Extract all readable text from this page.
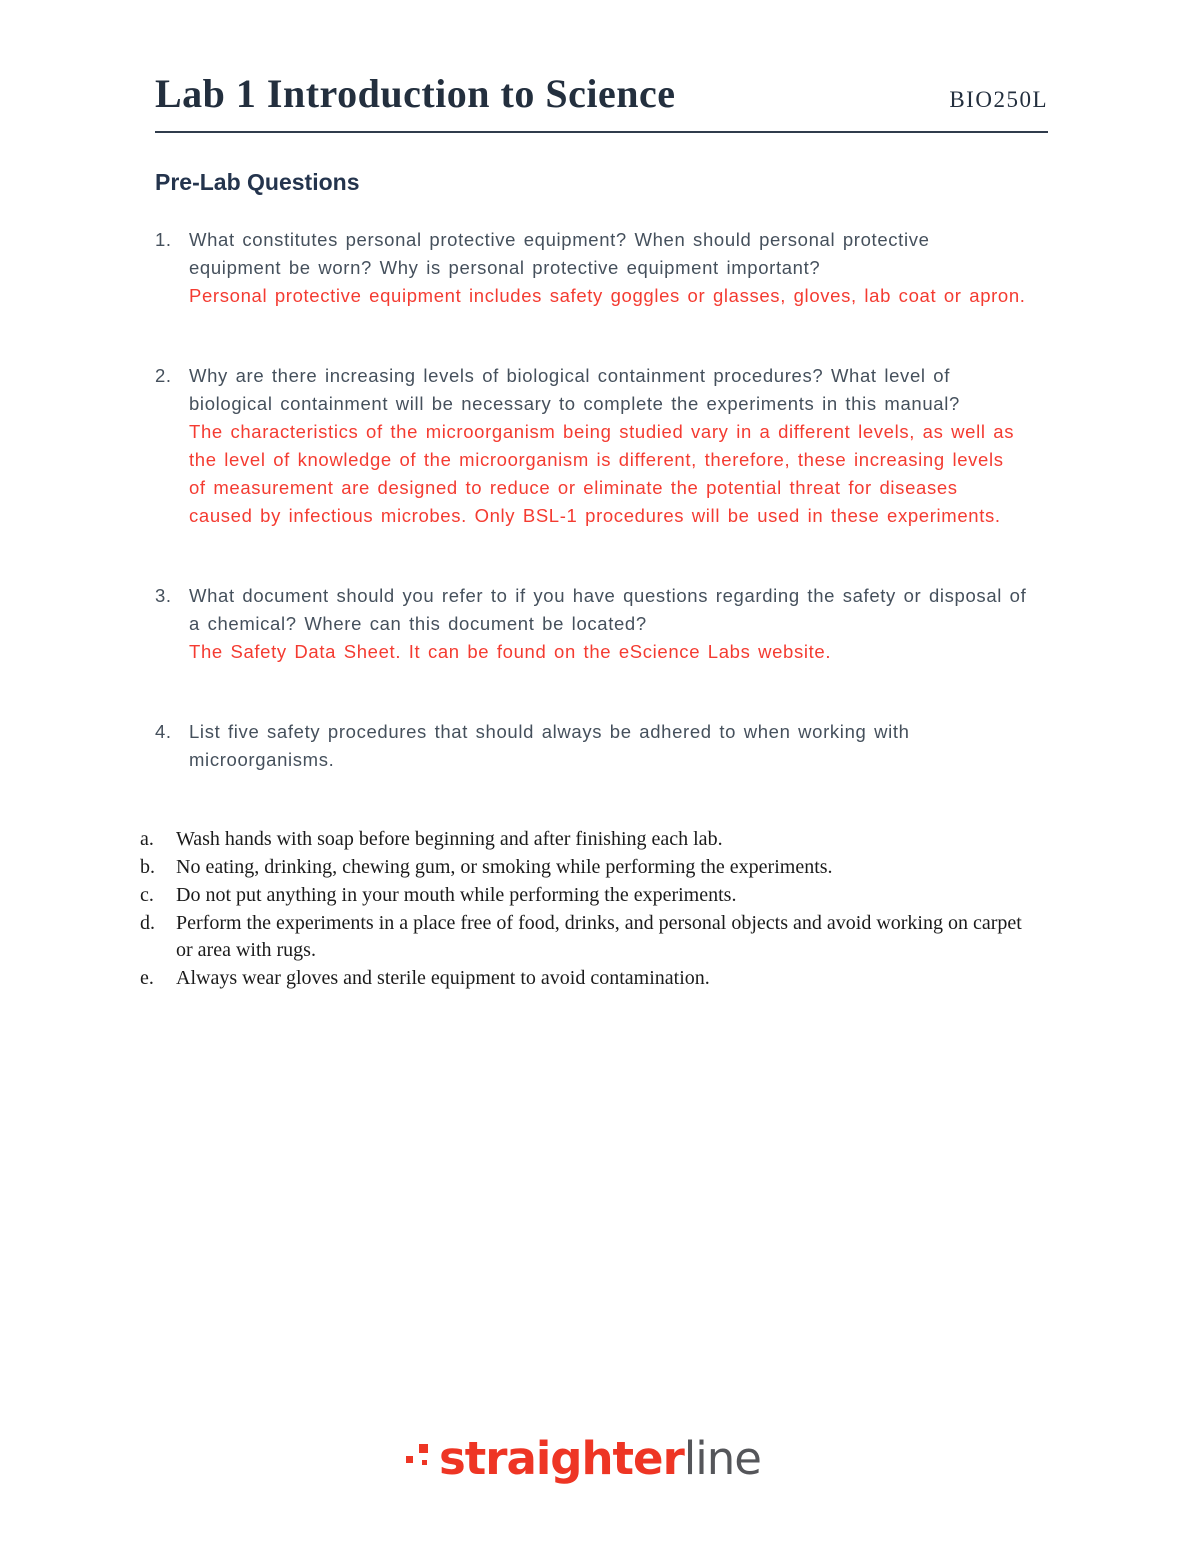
Lab 1 Introduction to Science	BIO250L
Pre-Lab Questions
1. What constitutes personal protective equipment? When should personal protective equipment be worn? Why is personal protective equipment important?

Personal protective equipment includes safety goggles or glasses, gloves, lab coat or apron.

2. Why are there increasing levels of biological containment procedures? What level of biological containment will be necessary to complete the experiments in this manual?

The characteristics of the microorganism being studied vary in a different levels, as well as the level of knowledge of the microorganism is different, therefore, these increasing levels of measurement are designed to reduce or eliminate the potential threat for diseases caused by infectious microbes. Only BSL-1 procedures will be used in these experiments.

3. What document should you refer to if you have questions regarding the safety or disposal of a chemical? Where can this document be located?

The Safety Data Sheet. It can be found on the eScience Labs website.

4. List five safety procedures that should always be adhered to when working with microorganisms.

a.	Wash hands with soap before beginning and after finishing each lab.

b.	No eating, drinking, chewing gum, or smoking while performing the experiments.

c.	Do not put anything in your mouth while performing the experiments.

d.	Perform the experiments in a place free of food, drinks, and personal objects and avoid working on carpet or area with rugs.

e.	Always wear gloves and sterile equipment to avoid contamination.

straighterline
